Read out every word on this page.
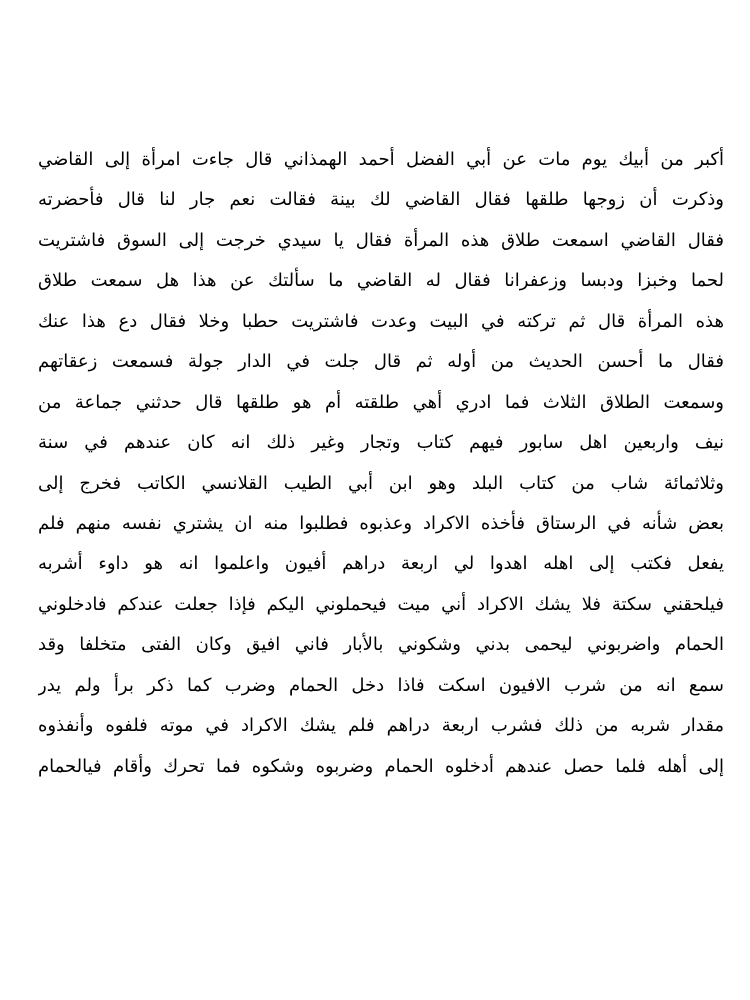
أكبر من أبيك يوم مات عن أبي الفضل أحمد الهمذاني قال جاءت امرأة إلى القاضي
وذكرت أن زوجها طلقها فقال القاضي لك بينة فقالت نعم جار لنا قال فأحضرته
فقال القاضي اسمعت طلاق هذه المرأة فقال يا سيدي خرجت إلى السوق فاشتريت
لحما وخبزا ودبسا وزعفرانا فقال له القاضي ما سألتك عن هذا هل سمعت طلاق
هذه المرأة قال ثم تركته في البيت وعدت فاشتريت حطبا وخلا فقال دع هذا عنك
فقال ما أحسن الحديث من أوله ثم قال جلت في الدار جولة فسمعت زعقاتهم
وسمعت الطلاق الثلاث فما ادري أهي طلقته أم هو طلقها قال حدثني جماعة من
نيف واربعين اهل سابور فيهم كتاب وتجار وغير ذلك انه كان عندهم في سنة
وثلاثمائة شاب من كتاب البلد وهو ابن أبي الطيب القلانسي الكاتب فخرج إلى
بعض شأنه في الرستاق فأخذه الاكراد وعذبوه فطلبوا منه ان يشتري نفسه منهم فلم
يفعل فكتب إلى اهله اهدوا لي اربعة دراهم أفيون واعلموا انه هو داوء أشربه
فيلحقني سكتة فلا يشك الاكراد أني ميت فيحملوني اليكم فإذا جعلت عندكم فادخلوني
الحمام واضربوني ليحمى بدني وشكوني بالأبار فاني افيق وكان الفتى متخلفا وقد
سمع انه من شرب الافيون اسكت فاذا دخل الحمام وضرب كما ذكر برأ ولم يدر
مقدار شربه من ذلك فشرب اربعة دراهم فلم يشك الاكراد في موته فلفوه وأنفذوه
إلى أهله فلما حصل عندهم أدخلوه الحمام وضربوه وشكوه فما تحرك وأقام فيالحمام
